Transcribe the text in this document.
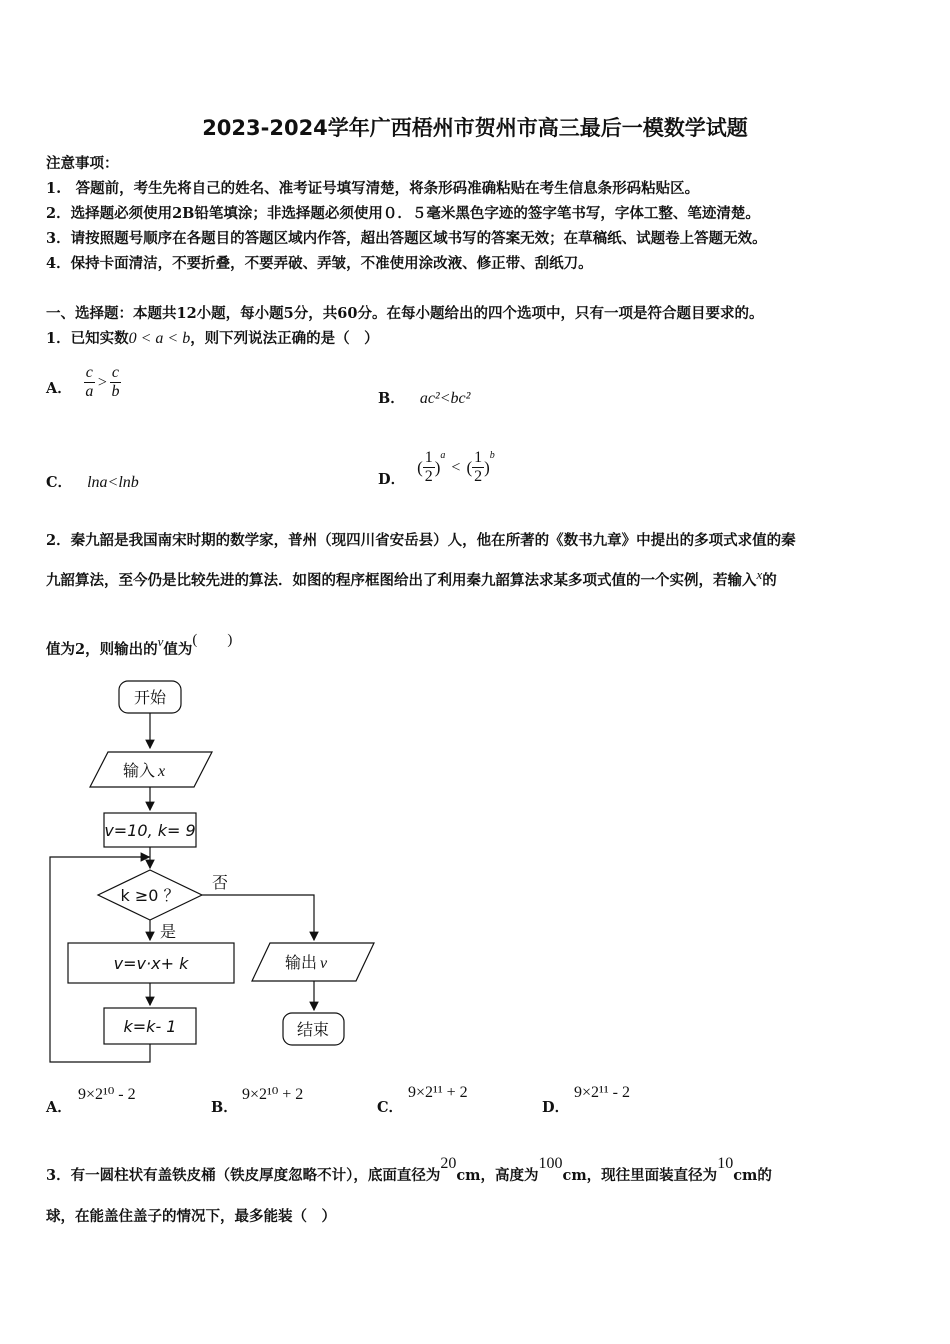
2023-2024学年广西梧州市贺州市高三最后一模数学试题
注意事项：
1.　答题前，考生先将自己的姓名、准考证号填写清楚，将条形码准确粘贴在考生信息条形码粘贴区。
2．选择题必须使用2B铅笔填涂；非选择题必须使用０．５毫米黑色字迹的签字笔书写，字体工整、笔迹清楚。
3．请按照题号顺序在各题目的答题区域内作答，超出答题区域书写的答案无效；在草稿纸、试题卷上答题无效。
4．保持卡面清洁，不要折叠，不要弄破、弄皱，不准使用涂改液、修正带、刮纸刀。
一、选择题：本题共12小题，每小题5分，共60分。在每小题给出的四个选项中，只有一项是符合题目要求的。
1．已知实数0 < a < b，则下列说法正确的是（　）
A． $\frac{c}{a} > \frac{c}{b}$	B． ac²<bc²
C． lna<lnb	D．
( $\frac{1}{2}$ )
$^a$
< ( $\frac{1}{2}$ )
$^b$
2．秦九韶是我国南宋时期的数学家，普州（现四川省安岳县）人，他在所著的《数书九章》中提出的多项式求值的秦
九韶算法，至今仍是比较先进的算法．如图的程序框图给出了利用秦九韶算法求某多项式值的一个实例，若输入x的
值为2，则输出的v值为(　　)
开始
输入 x
v=10, k= 9
k ≥0 ？
是
否
v=v·x+ k
k=k- 1
输出 v
结束
A．
9×2¹⁰ - 2
B．
9×2¹⁰ + 2
C．
9×2¹¹ + 2
D．
9×2¹¹ - 2
3．有一圆柱状有盖铁皮桶（铁皮厚度忽略不计），底面直径为20cm，高度为100cm，现往里面装直径为10cm的
球，在能盖住盖子的情况下，最多能装（　）
